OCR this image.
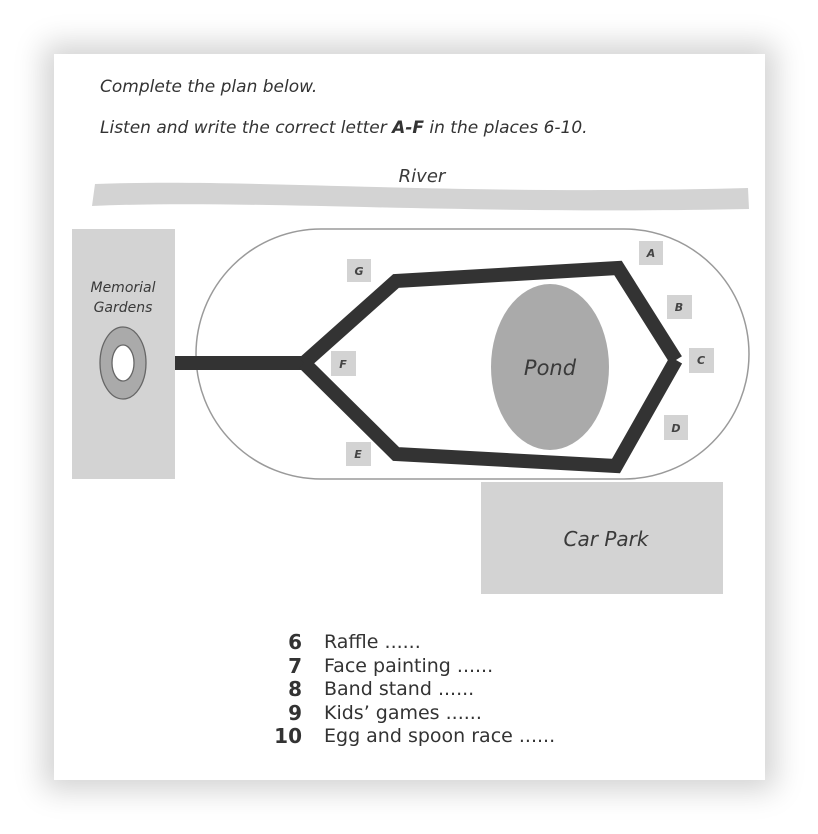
Complete the plan below.
Listen and write the correct letter A-F in the places 6-10.
River
Memorial
Gardens
Car Park
Pond
G
A
B
C
D
E
F
6 Raffle ......
7 Face painting ......
8 Band stand ......
9 Kids’ games ......
10 Egg and spoon race ......
